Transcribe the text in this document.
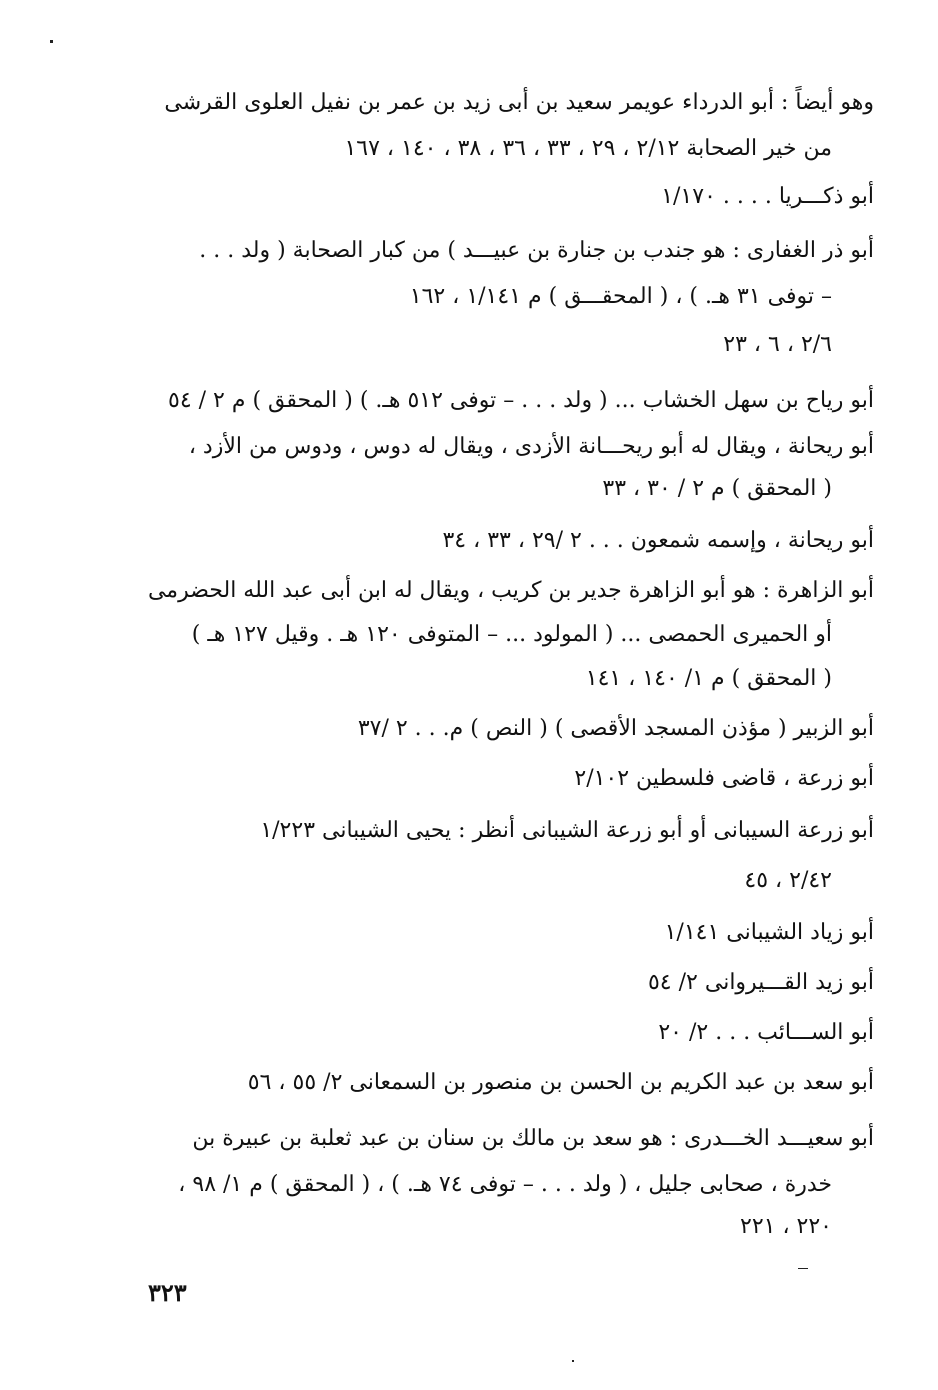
وهو أيضاً : أبو الدرداء عويمر سعيد بن أبى زيد بن عمر بن نفيل العلوى القرشى
من خير الصحابة ٢/١٢ ، ٢٩ ، ٣٣ ، ٣٦ ، ٣٨ ، ١٤٠ ، ١٦٧
أبو ذكـــريا . . . . ١/١٧٠
أبو ذر الغفارى : هو جندب بن جنارة بن عبيـــد ) من كبار الصحابة ( ولد . . .
– توفى ٣١ هـ. ) ، ( المحقـــق ) م ١/١٤١ ، ١٦٢
٢/٦ ، ٦ ، ٢٣
أبو رياح بن سهل الخشاب ... ( ولد . . . – توفى ٥١٢ هـ. ) ( المحقق ) م ٢ / ٥٤
أبو ريحانة ، ويقال له أبو ريحـــانة الأزدى ، ويقال له دوس ، ودوس من الأزد ،
( المحقق ) م ٢ / ٣٠ ، ٣٣
أبو ريحانة ، وإسمه شمعون . . . ٢ /٢٩ ، ٣٣ ، ٣٤
أبو الزاهرة : هو أبو الزاهرة جدير بن كريب ، ويقال له ابن أبى عبد الله الحضرمى
أو الحميرى الحمصى ... ( المولود ... – المتوفى ١٢٠ هـ . وقيل ١٢٧ هـ )
( المحقق ) م ١/ ١٤٠ ، ١٤١
أبو الزبير ( مؤذن المسجد الأقصى ) ( النص ) م. . . ٢ /٣٧
أبو زرعة ، قاضى فلسطين ٢/١٠٢
أبو زرعة السيبانى أو أبو زرعة الشيبانى أنظر : يحيى الشيبانى ١/٢٢٣
٢/٤٢ ، ٤٥
أبو زياد الشيبانى ١/١٤١
أبو زيد القـــيروانى ٢/ ٥٤
أبو الســـائب . . . ٢/ ٢٠
أبو سعد بن عبد الكريم بن الحسن بن منصور بن السمعانى ٢/ ٥٥ ، ٥٦
أبو سعيـــد الخـــدرى : هو سعد بن مالك بن سنان بن عبد ثعلبة بن عبيرة بن
خدرة ، صحابى جليل ، ( ولد . . . – توفى ٧٤ هـ. ) ، ( المحقق ) م ١/ ٩٨ ،
٢٢٠ ، ٢٢١
٣٢٣
